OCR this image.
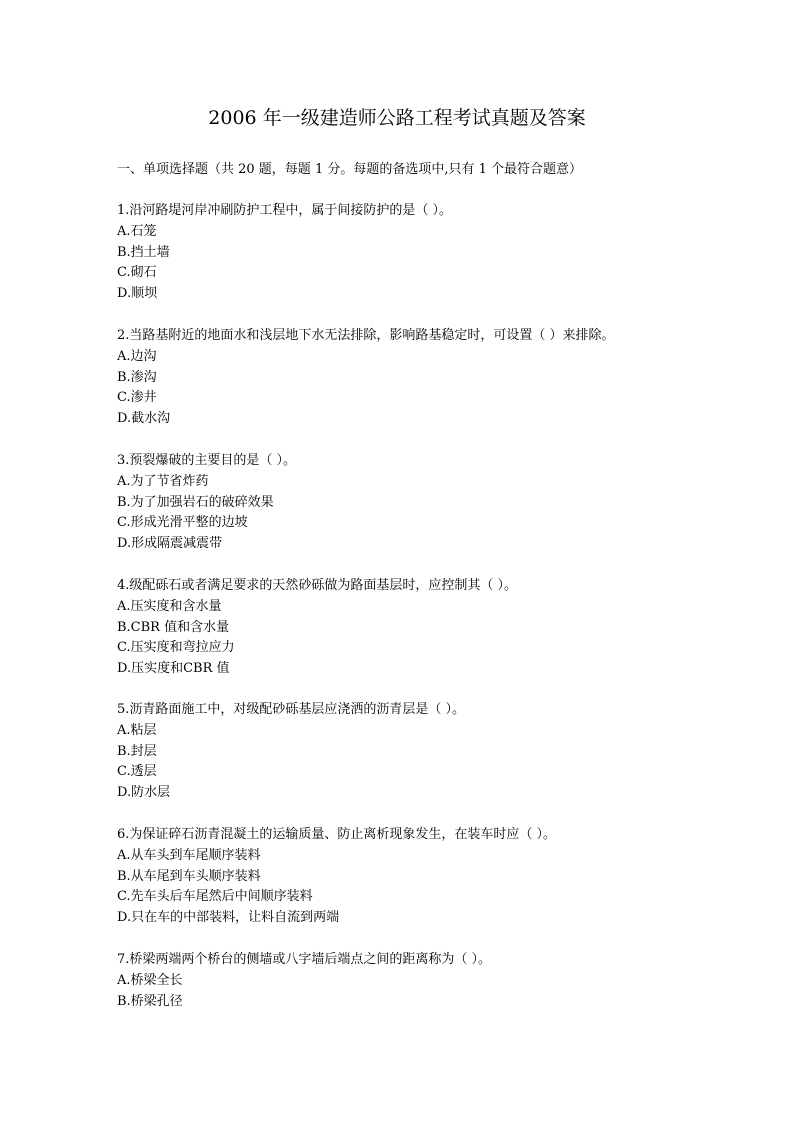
2006 年一级建造师公路工程考试真题及答案
一、单项选择题（共 20 题，每题 1 分。每题的备选项中,只有 1 个最符合题意）
1.沿河路堤河岸冲刷防护工程中，属于间接防护的是（ ）。
A.石笼
B.挡土墙
C.砌石
D.顺坝
2.当路基附近的地面水和浅层地下水无法排除，影响路基稳定时，可设置（ ）来排除。
A.边沟
B.渗沟
C.渗井
D.截水沟
3.预裂爆破的主要目的是（ ）。
A.为了节省炸药
B.为了加强岩石的破碎效果
C.形成光滑平整的边坡
D.形成隔震减震带
4.级配砾石或者满足要求的天然砂砾做为路面基层时，应控制其（ ）。
A.压实度和含水量
B.CBR 值和含水量
C.压实度和弯拉应力
D.压实度和CBR 值
5.沥青路面施工中，对级配砂砾基层应浇洒的沥青层是（ ）。
A.粘层
B.封层
C.透层
D.防水层
6.为保证碎石沥青混凝土的运输质量、防止离析现象发生，在装车时应（ ）。
A.从车头到车尾顺序装料
B.从车尾到车头顺序装料
C.先车头后车尾然后中间顺序装料
D.只在车的中部装料，让料自流到两端
7.桥梁两端两个桥台的侧墙或八字墙后端点之间的距离称为（ ）。
A.桥梁全长
B.桥梁孔径
